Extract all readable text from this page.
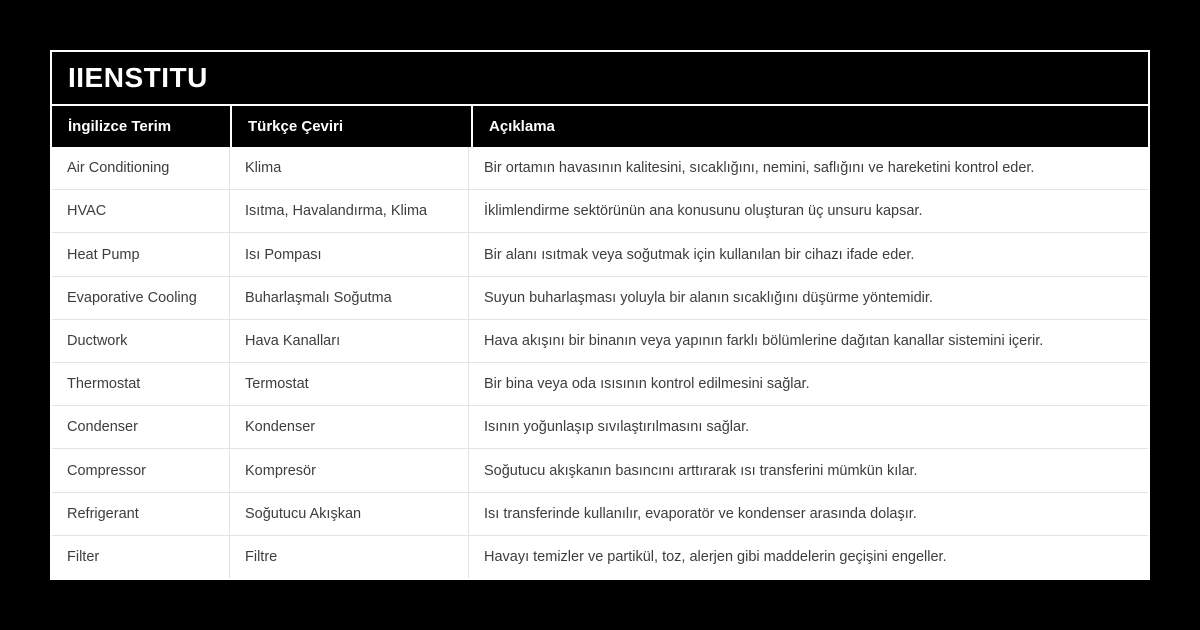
IIENSTITU
İngilizce Terim	Türkçe Çeviri	Açıklama
Air Conditioning	Klima	Bir ortamın havasının kalitesini, sıcaklığını, nemini, saflığını ve hareketini kontrol eder.
HVAC	Isıtma, Havalandırma, Klima	İklimlendirme sektörünün ana konusunu oluşturan üç unsuru kapsar.
Heat Pump	Isı Pompası	Bir alanı ısıtmak veya soğutmak için kullanılan bir cihazı ifade eder.
Evaporative Cooling	Buharlaşmalı Soğutma	Suyun buharlaşması yoluyla bir alanın sıcaklığını düşürme yöntemidir.
Ductwork	Hava Kanalları	Hava akışını bir binanın veya yapının farklı bölümlerine dağıtan kanallar sistemini içerir.
Thermostat	Termostat	Bir bina veya oda ısısının kontrol edilmesini sağlar.
Condenser	Kondenser	Isının yoğunlaşıp sıvılaştırılmasını sağlar.
Compressor	Kompresör	Soğutucu akışkanın basıncını arttırarak ısı transferini mümkün kılar.
Refrigerant	Soğutucu Akışkan	Isı transferinde kullanılır, evaporatör ve kondenser arasında dolaşır.
Filter	Filtre	Havayı temizler ve partikül, toz, alerjen gibi maddelerin geçişini engeller.
